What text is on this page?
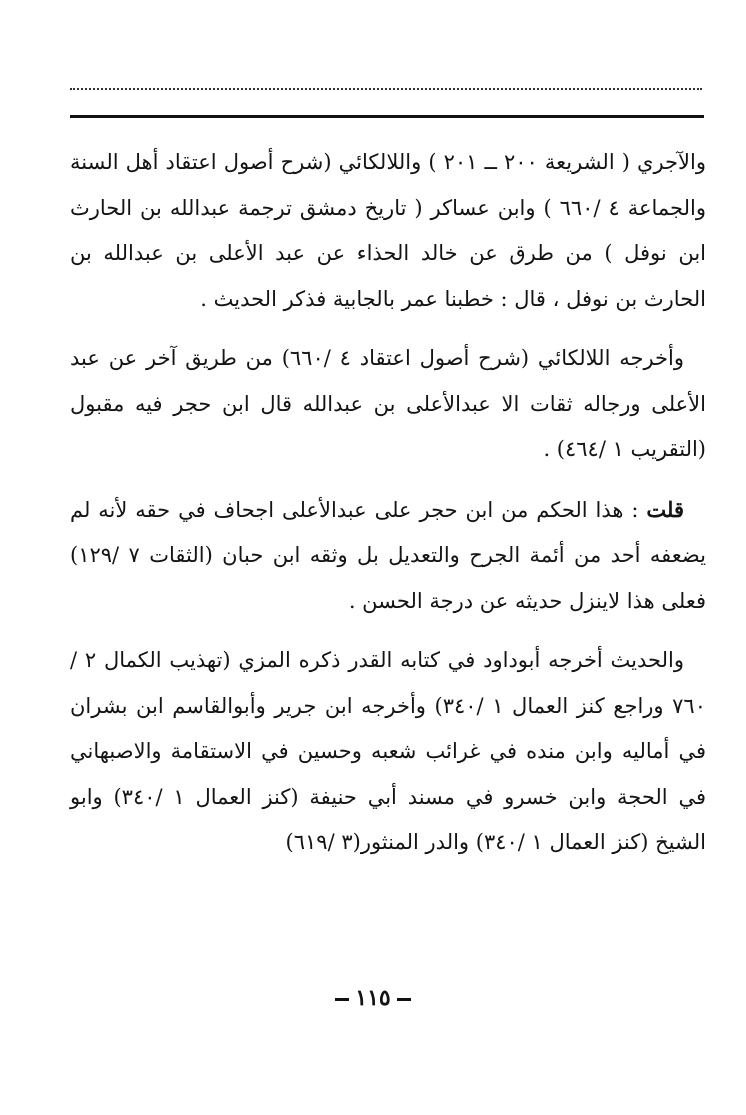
والآجري ( الشريعة ٢٠٠ ــ ٢٠١ ) واللالكائي (شرح أصول اعتقاد أهل السنة والجماعة ٤ /٦٦٠ ) وابن عساكر ( تاريخ دمشق ترجمة عبدالله بن الحارث ابن نوفل ) من طرق عن خالد الحذاء عن عبد الأعلى بن عبدالله بن الحارث بن نوفل ، قال : خطبنا عمر بالجابية فذكر الحديث .

وأخرجه اللالكائي (شرح أصول اعتقاد ٤ /٦٦٠) من طريق آخر عن عبد الأعلى ورجاله ثقات الا عبدالأعلى بن عبدالله قال ابن حجر فيه مقبول (التقريب ١ /٤٦٤) .

قلت : هذا الحكم من ابن حجر على عبدالأعلى اجحاف في حقه لأنه لم يضعفه أحد من أئمة الجرح والتعديل بل وثقه ابن حبان (الثقات ٧ /١٢٩) فعلى هذا لاينزل حديثه عن درجة الحسن .

والحديث أخرجه أبوداود في كتابه القدر ذكره المزي (تهذيب الكمال ٢ /٧٦٠ وراجع كنز العمال ١ /٣٤٠) وأخرجه ابن جرير وأبوالقاسم ابن بشران في أماليه وابن منده في غرائب شعبه وحسين في الاستقامة والاصبهاني في الحجة وابن خسرو في مسند أبي حنيفة (كنز العمال ١ /٣٤٠) وابو الشيخ (كنز العمال ١ /٣٤٠) والدر المنثور(٣ /٦١٩)

١١٥
